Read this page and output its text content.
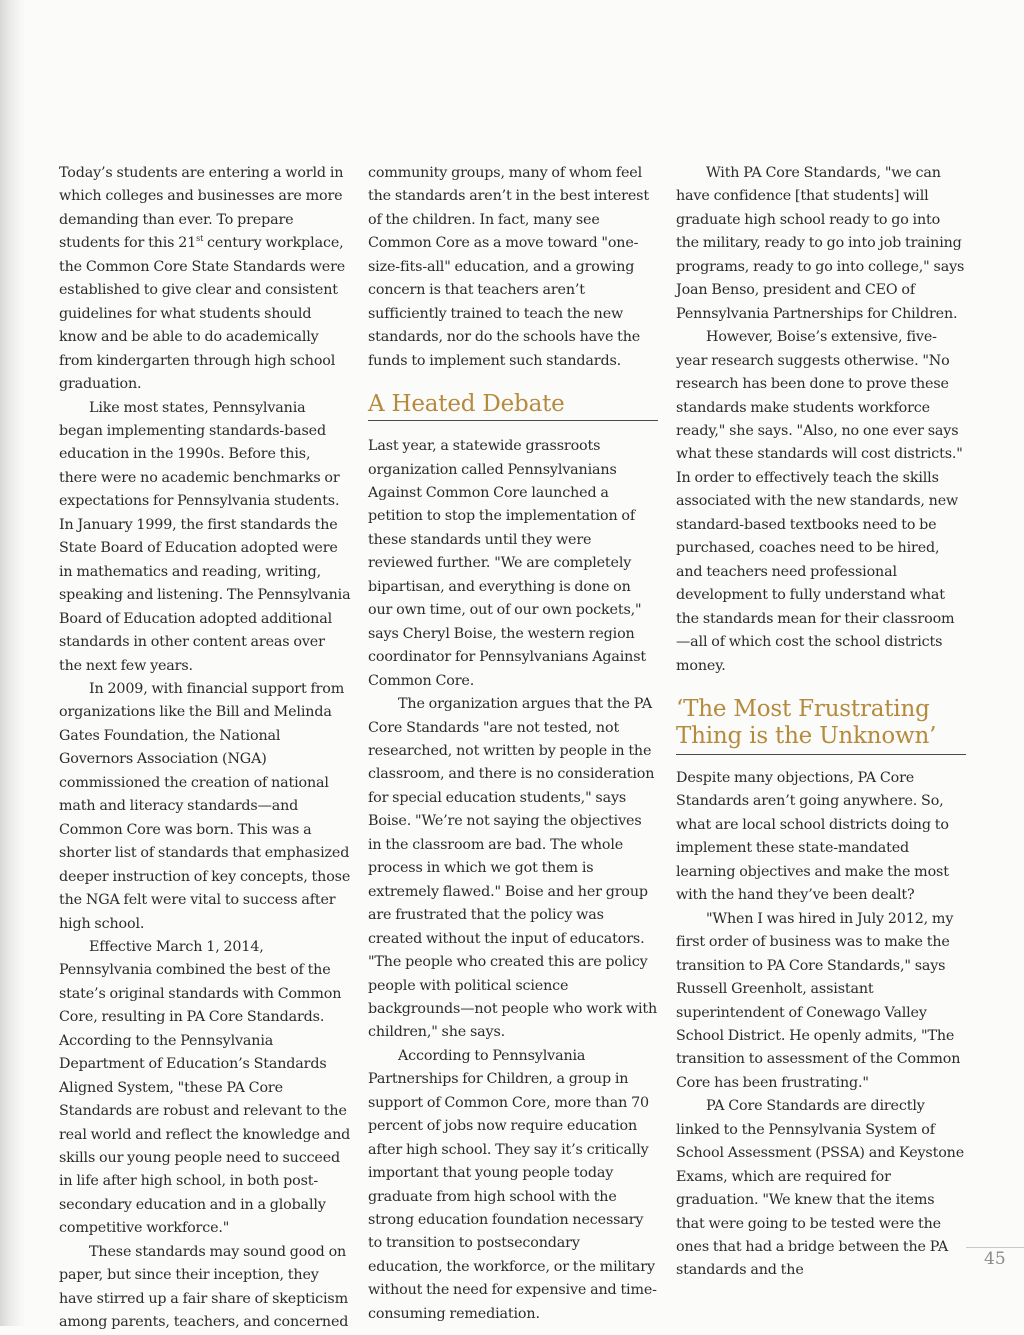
Today’s students are entering a world in which colleges and businesses are more demanding than ever. To prepare students for this 21st century workplace, the Common Core State Standards were established to give clear and consistent guidelines for what students should know and be able to do academically from kindergarten through high school graduation.

Like most states, Pennsylvania began implementing standards-based education in the 1990s. Before this, there were no academic benchmarks or expectations for Pennsylvania students. In January 1999, the first standards the State Board of Education adopted were in mathematics and reading, writing, speaking and listening. The Pennsylvania Board of Education adopted additional standards in other content areas over the next few years.

In 2009, with financial support from organizations like the Bill and Melinda Gates Foundation, the National Governors Association (NGA) commissioned the creation of national math and literacy standards—and Common Core was born. This was a shorter list of standards that emphasized deeper instruction of key concepts, those the NGA felt were vital to success after high school.

Effective March 1, 2014, Pennsylvania combined the best of the state’s original standards with Common Core, resulting in PA Core Standards. According to the Pennsylvania Department of Education’s Standards Aligned System, "these PA Core Standards are robust and relevant to the real world and reflect the knowledge and skills our young people need to succeed in life after high school, in both post-secondary education and in a globally competitive workforce."

These standards may sound good on paper, but since their inception, they have stirred up a fair share of skepticism among parents, teachers, and concerned

community groups, many of whom feel the standards aren’t in the best interest of the children. In fact, many see Common Core as a move toward "one-size-fits-all" education, and a growing concern is that teachers aren’t sufficiently trained to teach the new standards, nor do the schools have the funds to implement such standards.

A Heated Debate

Last year, a statewide grassroots organization called Pennsylvanians Against Common Core launched a petition to stop the implementation of these standards until they were reviewed further. "We are completely bipartisan, and everything is done on our own time, out of our own pockets," says Cheryl Boise, the western region coordinator for Pennsylvanians Against Common Core.

The organization argues that the PA Core Standards "are not tested, not researched, not written by people in the classroom, and there is no consideration for special education students," says Boise. "We’re not saying the objectives in the classroom are bad. The whole process in which we got them is extremely flawed." Boise and her group are frustrated that the policy was created without the input of educators. "The people who created this are policy people with political science backgrounds—not people who work with children," she says.

According to Pennsylvania Partnerships for Children, a group in support of Common Core, more than 70 percent of jobs now require education after high school. They say it’s critically important that young people today graduate from high school with the strong education foundation necessary to transition to postsecondary education, the workforce, or the military without the need for expensive and time-consuming remediation.

With PA Core Standards, "we can have confidence [that students] will graduate high school ready to go into the military, ready to go into job training programs, ready to go into college," says Joan Benso, president and CEO of Pennsylvania Partnerships for Children.

However, Boise’s extensive, five-year research suggests otherwise. "No research has been done to prove these standards make students workforce ready," she says. "Also, no one ever says what these standards will cost districts." In order to effectively teach the skills associated with the new standards, new standard-based textbooks need to be purchased, coaches need to be hired, and teachers need professional development to fully understand what the standards mean for their classroom—all of which cost the school districts money.

‘The Most Frustrating Thing is the Unknown’

Despite many objections, PA Core Standards aren’t going anywhere. So, what are local school districts doing to implement these state-mandated learning objectives and make the most with the hand they’ve been dealt?

"When I was hired in July 2012, my first order of business was to make the transition to PA Core Standards," says Russell Greenholt, assistant superintendent of Conewago Valley School District. He openly admits, "The transition to assessment of the Common Core has been frustrating."

PA Core Standards are directly linked to the Pennsylvania System of School Assessment (PSSA) and Keystone Exams, which are required for graduation. "We knew that the items that were going to be tested were the ones that had a bridge between the PA standards and the

45
